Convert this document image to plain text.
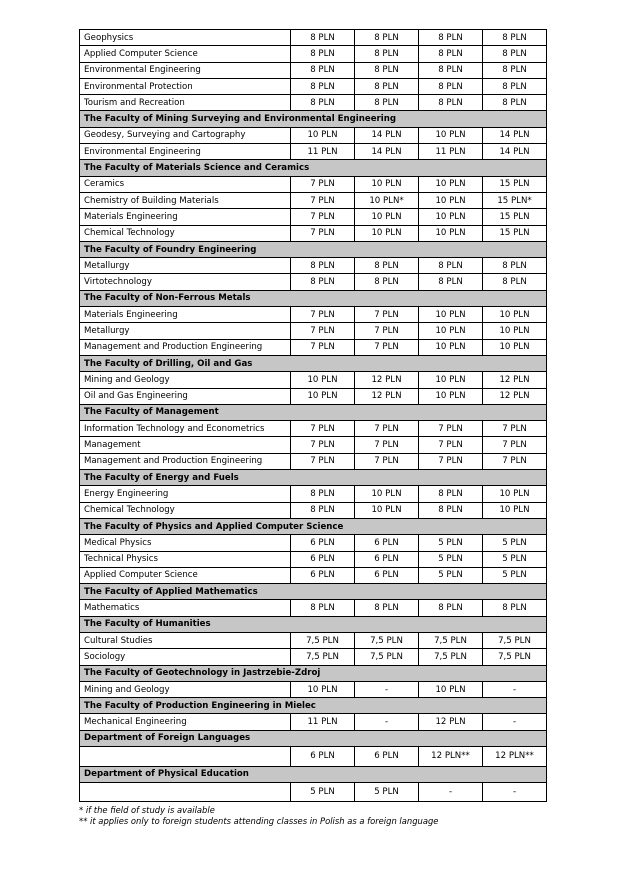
Geophysics	8 PLN	8 PLN	8 PLN	8 PLN
Applied Computer Science	8 PLN	8 PLN	8 PLN	8 PLN
Environmental Engineering	8 PLN	8 PLN	8 PLN	8 PLN
Environmental Protection	8 PLN	8 PLN	8 PLN	8 PLN
Tourism and Recreation	8 PLN	8 PLN	8 PLN	8 PLN
The Faculty of Mining Surveying and Environmental Engineering				
Geodesy, Surveying and Cartography	10 PLN	14 PLN	10 PLN	14 PLN
Environmental Engineering	11 PLN	14 PLN	11 PLN	14 PLN
The Faculty of Materials Science and Ceramics				
Ceramics	7 PLN	10 PLN	10 PLN	15 PLN
Chemistry of Building Materials	7 PLN	10 PLN*	10 PLN	15 PLN*
Materials Engineering	7 PLN	10 PLN	10 PLN	15 PLN
Chemical Technology	7 PLN	10 PLN	10 PLN	15 PLN
The Faculty of Foundry Engineering				
Metallurgy	8 PLN	8 PLN	8 PLN	8 PLN
Virtotechnology	8 PLN	8 PLN	8 PLN	8 PLN
The Faculty of Non-Ferrous Metals				
Materials Engineering	7 PLN	7 PLN	10 PLN	10 PLN
Metallurgy	7 PLN	7 PLN	10 PLN	10 PLN
Management and Production Engineering	7 PLN	7 PLN	10 PLN	10 PLN
The Faculty of Drilling, Oil and Gas				
Mining and Geology	10 PLN	12 PLN	10 PLN	12 PLN
Oil and Gas Engineering	10 PLN	12 PLN	10 PLN	12 PLN
The Faculty of Management				
Information Technology and Econometrics	7 PLN	7 PLN	7 PLN	7 PLN
Management	7 PLN	7 PLN	7 PLN	7 PLN
Management and Production Engineering	7 PLN	7 PLN	7 PLN	7 PLN
The Faculty of Energy and Fuels				
Energy Engineering	8 PLN	10 PLN	8 PLN	10 PLN
Chemical Technology	8 PLN	10 PLN	8 PLN	10 PLN
The Faculty of Physics and Applied Computer Science				
Medical Physics	6 PLN	6 PLN	5 PLN	5 PLN
Technical Physics	6 PLN	6 PLN	5 PLN	5 PLN
Applied Computer Science	6 PLN	6 PLN	5 PLN	5 PLN
The Faculty of Applied Mathematics				
Mathematics	8 PLN	8 PLN	8 PLN	8 PLN
The Faculty of Humanities				
Cultural Studies	7,5 PLN	7,5 PLN	7,5 PLN	7,5 PLN
Sociology	7,5 PLN	7,5 PLN	7,5 PLN	7,5 PLN
The Faculty of Geotechnology in Jastrzebie-Zdroj				
Mining and Geology	10 PLN	-	10 PLN	-
The Faculty of Production Engineering in Mielec				
Mechanical Engineering	11 PLN	-	12 PLN	-
Department of Foreign Languages				
	6 PLN	6 PLN	12 PLN**	12 PLN**
Department of Physical Education				
	5 PLN	5 PLN	-	-
* if the field of study is available
** it applies only to foreign students attending classes in Polish as a foreign language
